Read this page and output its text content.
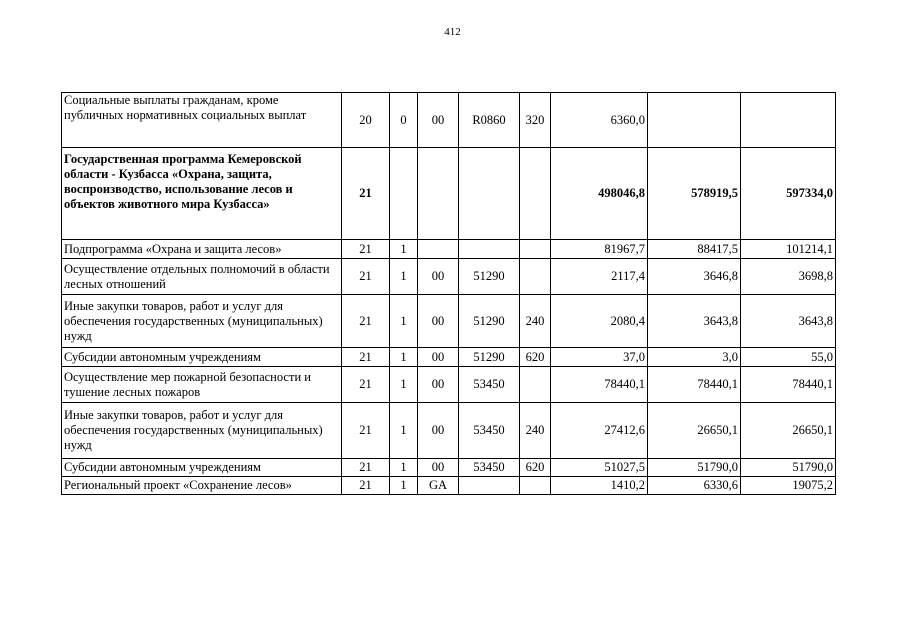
412
Социальные выплаты гражданам, кроме публичных нормативных социальных выплат	20	0	00	R0860	320	6360,0		
Государственная программа Кемеровской области - Кузбасса «Охрана, защита, воспроизводство, использование лесов и объектов животного мира Кузбасса»	21					498046,8	578919,5	597334,0
Подпрограмма «Охрана и защита лесов»	21	1				81967,7	88417,5	101214,1
Осуществление отдельных полномочий в области лесных отношений	21	1	00	51290		2117,4	3646,8	3698,8
Иные закупки товаров, работ и услуг для обеспечения государственных (муниципальных) нужд	21	1	00	51290	240	2080,4	3643,8	3643,8
Субсидии автономным учреждениям	21	1	00	51290	620	37,0	3,0	55,0
Осуществление мер пожарной безопасности и тушение лесных пожаров	21	1	00	53450		78440,1	78440,1	78440,1
Иные закупки товаров, работ и услуг для обеспечения государственных (муниципальных) нужд	21	1	00	53450	240	27412,6	26650,1	26650,1
Субсидии автономным учреждениям	21	1	00	53450	620	51027,5	51790,0	51790,0
Региональный проект «Сохранение лесов»	21	1	GA			1410,2	6330,6	19075,2
